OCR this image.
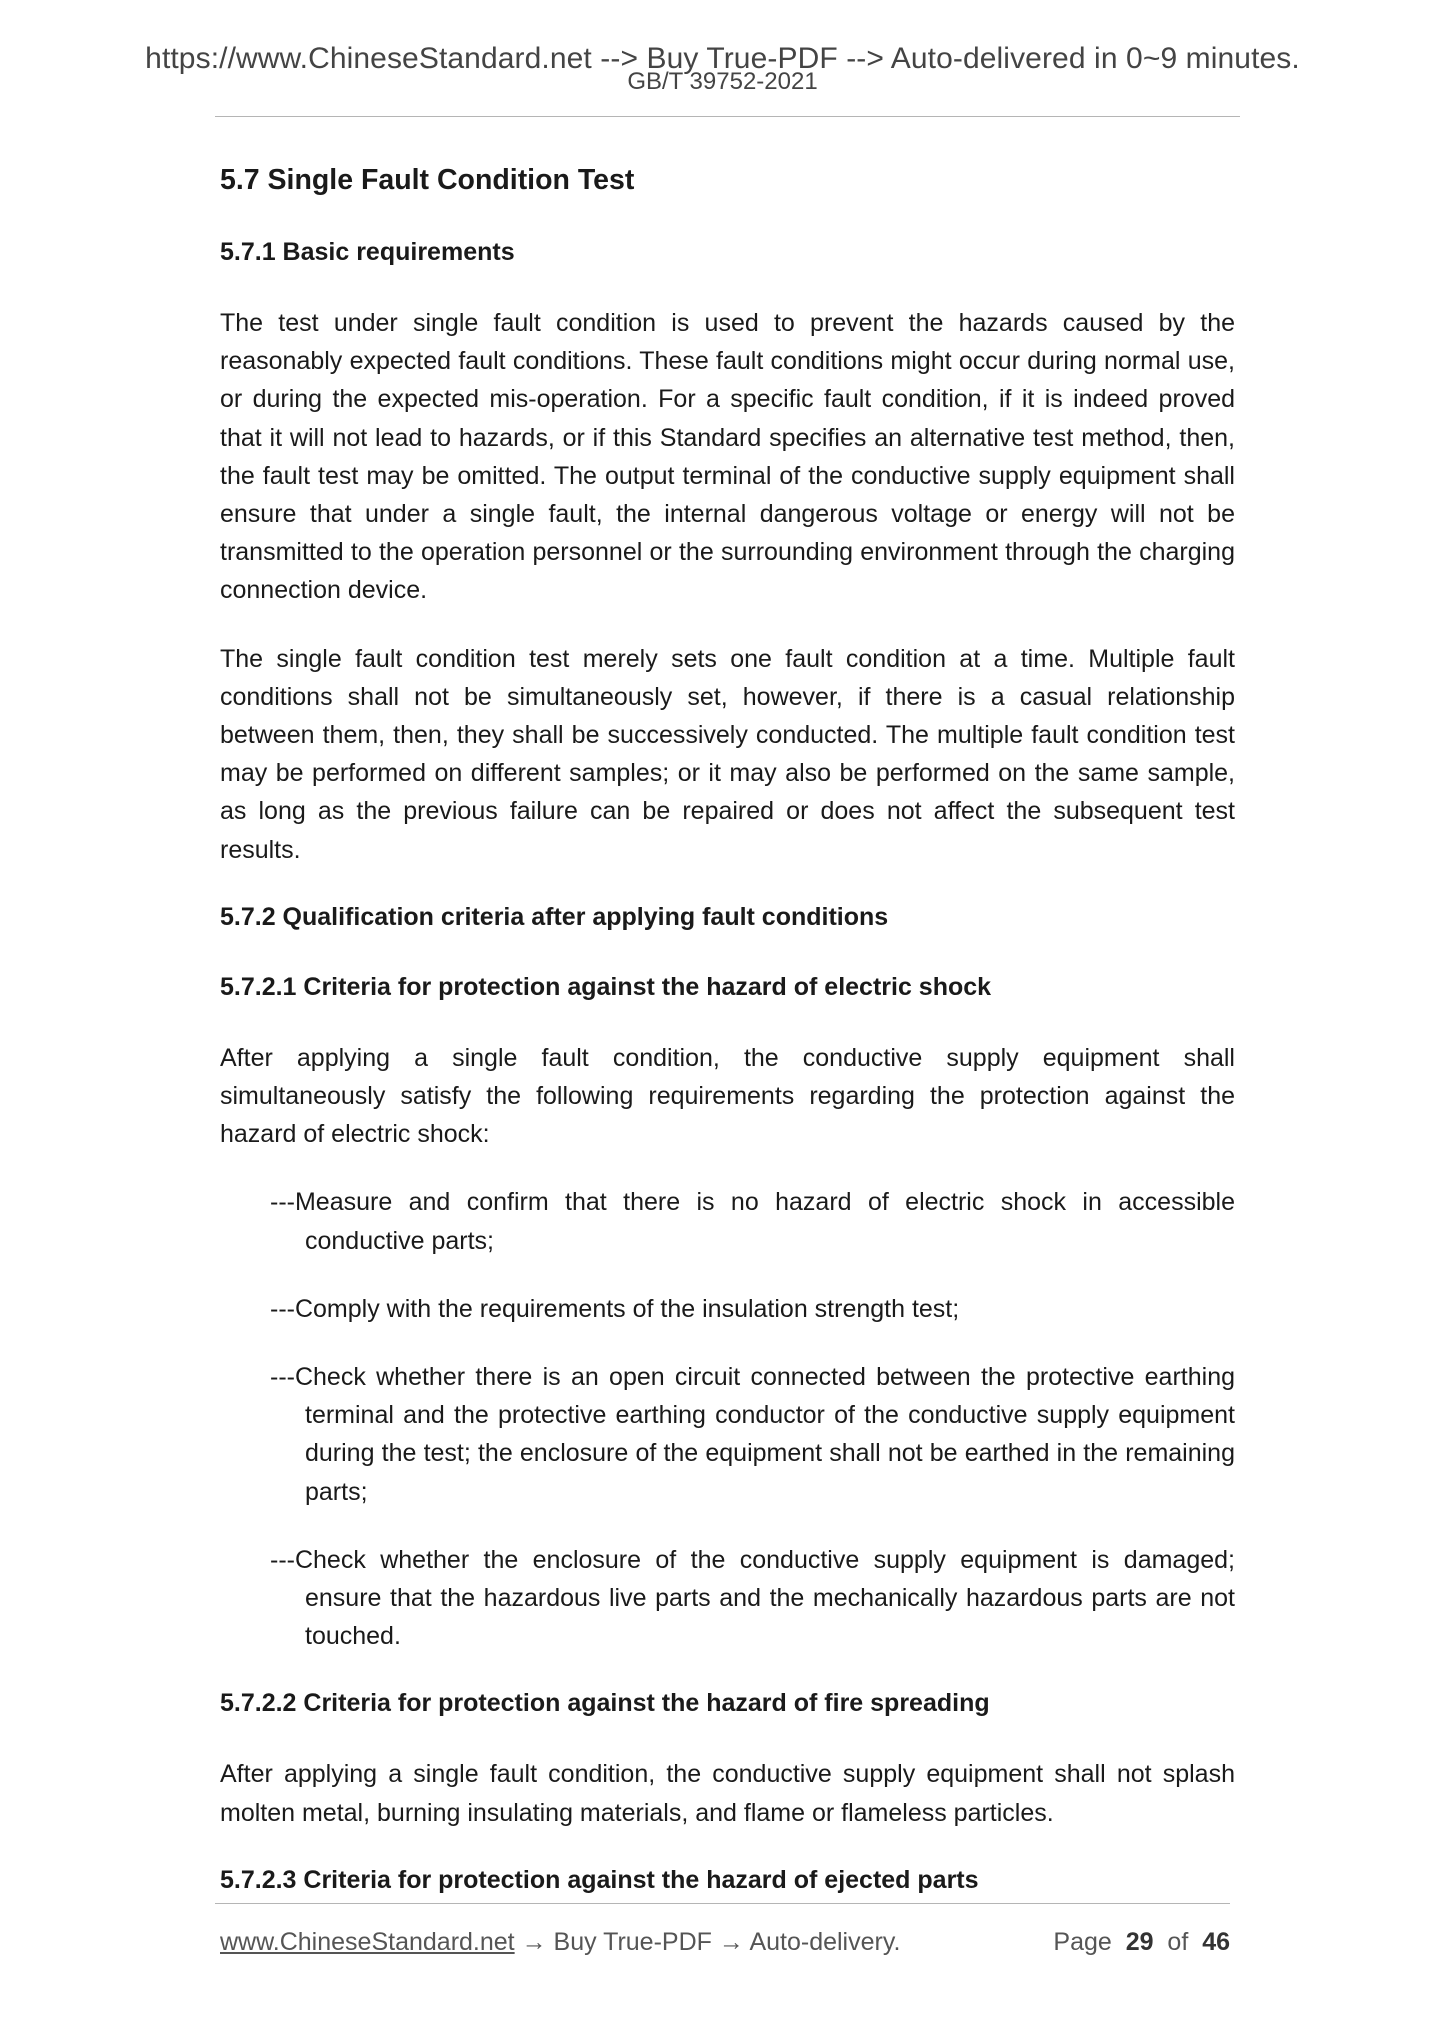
https://www.ChineseStandard.net --> Buy True-PDF --> Auto-delivered in 0~9 minutes.
GB/T 39752-2021
5.7 Single Fault Condition Test
5.7.1 Basic requirements
The test under single fault condition is used to prevent the hazards caused by the reasonably expected fault conditions. These fault conditions might occur during normal use, or during the expected mis-operation. For a specific fault condition, if it is indeed proved that it will not lead to hazards, or if this Standard specifies an alternative test method, then, the fault test may be omitted. The output terminal of the conductive supply equipment shall ensure that under a single fault, the internal dangerous voltage or energy will not be transmitted to the operation personnel or the surrounding environment through the charging connection device.
The single fault condition test merely sets one fault condition at a time. Multiple fault conditions shall not be simultaneously set, however, if there is a casual relationship between them, then, they shall be successively conducted. The multiple fault condition test may be performed on different samples; or it may also be performed on the same sample, as long as the previous failure can be repaired or does not affect the subsequent test results.
5.7.2 Qualification criteria after applying fault conditions
5.7.2.1 Criteria for protection against the hazard of electric shock
After applying a single fault condition, the conductive supply equipment shall simultaneously satisfy the following requirements regarding the protection against the hazard of electric shock:
---Measure and confirm that there is no hazard of electric shock in accessible conductive parts;
---Comply with the requirements of the insulation strength test;
---Check whether there is an open circuit connected between the protective earthing terminal and the protective earthing conductor of the conductive supply equipment during the test; the enclosure of the equipment shall not be earthed in the remaining parts;
---Check whether the enclosure of the conductive supply equipment is damaged; ensure that the hazardous live parts and the mechanically hazardous parts are not touched.
5.7.2.2 Criteria for protection against the hazard of fire spreading
After applying a single fault condition, the conductive supply equipment shall not splash molten metal, burning insulating materials, and flame or flameless particles.
5.7.2.3 Criteria for protection against the hazard of ejected parts
www.ChineseStandard.net → Buy True-PDF → Auto-delivery.	Page 29 of 46
